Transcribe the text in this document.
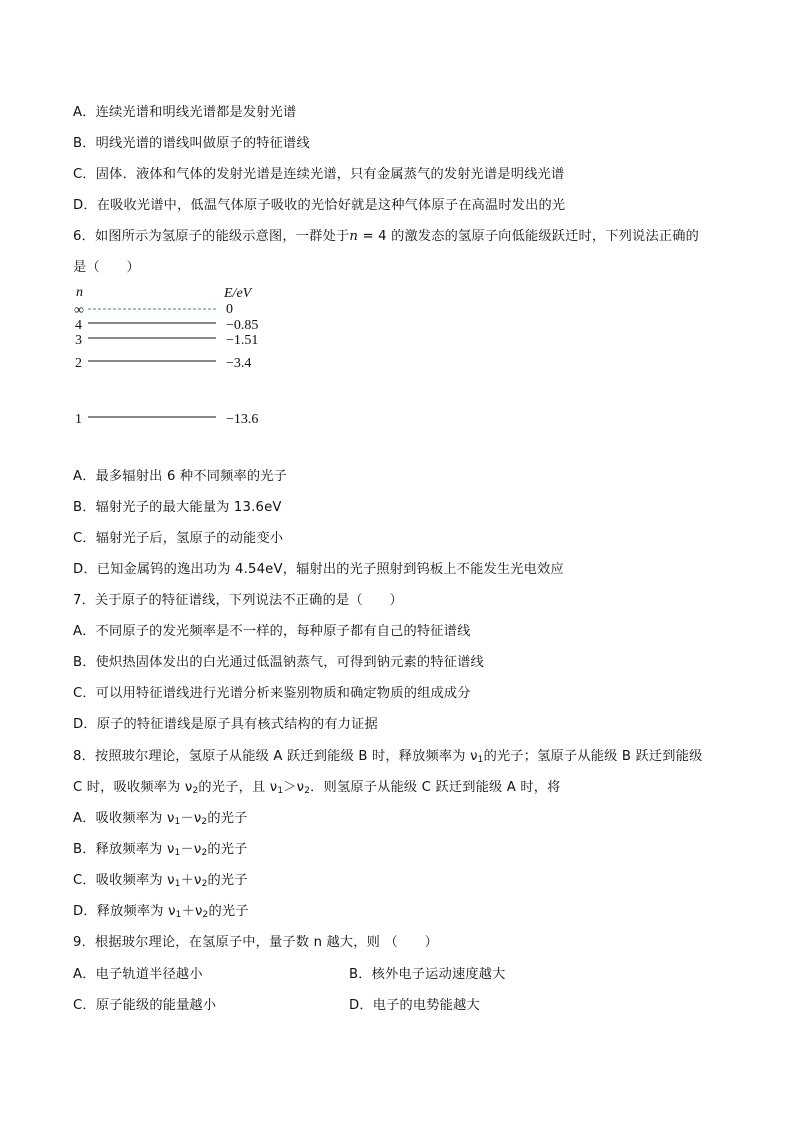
A．连续光谱和明线光谱都是发射光谱
B．明线光谱的谱线叫做原子的特征谱线
C．固体．液体和气体的发射光谱是连续光谱，只有金属蒸气的发射光谱是明线光谱
D．在吸收光谱中，低温气体原子吸收的光恰好就是这种气体原子在高温时发出的光
6．如图所示为氢原子的能级示意图，一群处于n = 4 的激发态的氢原子向低能级跃迁时，下列说法正确的
是（　　）
n	E/eV
∞	0
4	−0.85
3	−1.51
2	−3.4
1	−13.6
A．最多辐射出 6 种不同频率的光子
B．辐射光子的最大能量为 13.6eV
C．辐射光子后，氢原子的动能变小
D．已知金属钨的逸出功为 4.54eV，辐射出的光子照射到钨板上不能发生光电效应
7．关于原子的特征谱线，下列说法不正确的是（　　）
A．不同原子的发光频率是不一样的，每种原子都有自己的特征谱线
B．使炽热固体发出的白光通过低温钠蒸气，可得到钠元素的特征谱线
C．可以用特征谱线进行光谱分析来鉴别物质和确定物质的组成成分
D．原子的特征谱线是原子具有核式结构的有力证据
8．按照玻尔理论，氢原子从能级 A 跃迁到能级 B 时，释放频率为 $\nu_1$的光子；氢原子从能级 B 跃迁到能级
C 时，吸收频率为 $\nu_2$的光子，且 $\nu_1>\nu_2$．则氢原子从能级 C 跃迁到能级 A 时，将
A．吸收频率为 $\nu_1-\nu_2$的光子
B．释放频率为 $\nu_1-\nu_2$的光子
C．吸收频率为 $\nu_1+\nu_2$的光子
D．释放频率为 $\nu_1+\nu_2$的光子
9．根据玻尔理论，在氢原子中，量子数 n 越大，则 （　　）
A．电子轨道半径越小	B．核外电子运动速度越大
C．原子能级的能量越小	D．电子的电势能越大
